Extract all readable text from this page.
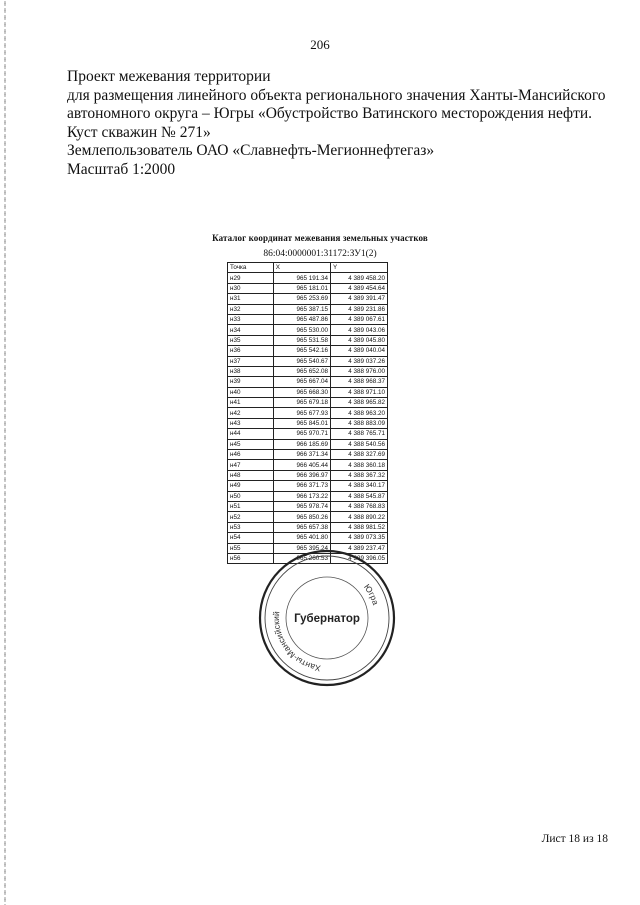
206
Проект межевания территории
для размещения линейного объекта регионального значения Ханты-Мансийского
автономного округа – Югры «Обустройство Ватинского месторождения нефти.
Куст скважин № 271»
Землепользователь ОАО «Славнефть-Мегионнефтегаз»
Масштаб 1:2000
Каталог координат межевания земельных участков
86:04:0000001:31172:ЗУ1(2)
Точка	X	Y
н29	965 191.34	4 389 458.20
н30	965 181.01	4 389 454.64
н31	965 253.69	4 389 391.47
н32	965 387.15	4 389 231.86
н33	965 487.86	4 389 067.61
н34	965 530.00	4 389 043.06
н35	965 531.58	4 389 045.80
н36	965 542.16	4 389 040.04
н37	965 540.67	4 389 037.26
н38	965 652.08	4 388 976.00
н39	965 667.04	4 388 968.37
н40	965 668.30	4 388 971.10
н41	965 679.18	4 388 965.82
н42	965 677.93	4 388 963.20
н43	965 845.01	4 388 883.09
н44	965 970.71	4 388 765.71
н45	966 185.69	4 388 540.56
н46	966 371.34	4 388 327.69
н47	966 405.44	4 388 360.18
н48	966 396.97	4 388 367.32
н49	966 371.73	4 388 340.17
н50	966 173.22	4 388 545.87
н51	965 978.74	4 388 768.83
н52	965 850.26	4 388 890.22
н53	965 657.38	4 388 981.52
н54	965 401.80	4 389 073.35
н55	965 395.24	4 389 237.47
н56	965 260.53	4 389 396.05
Ханты-Мансийский
Югра
Губернатор
Лист 18 из 18
